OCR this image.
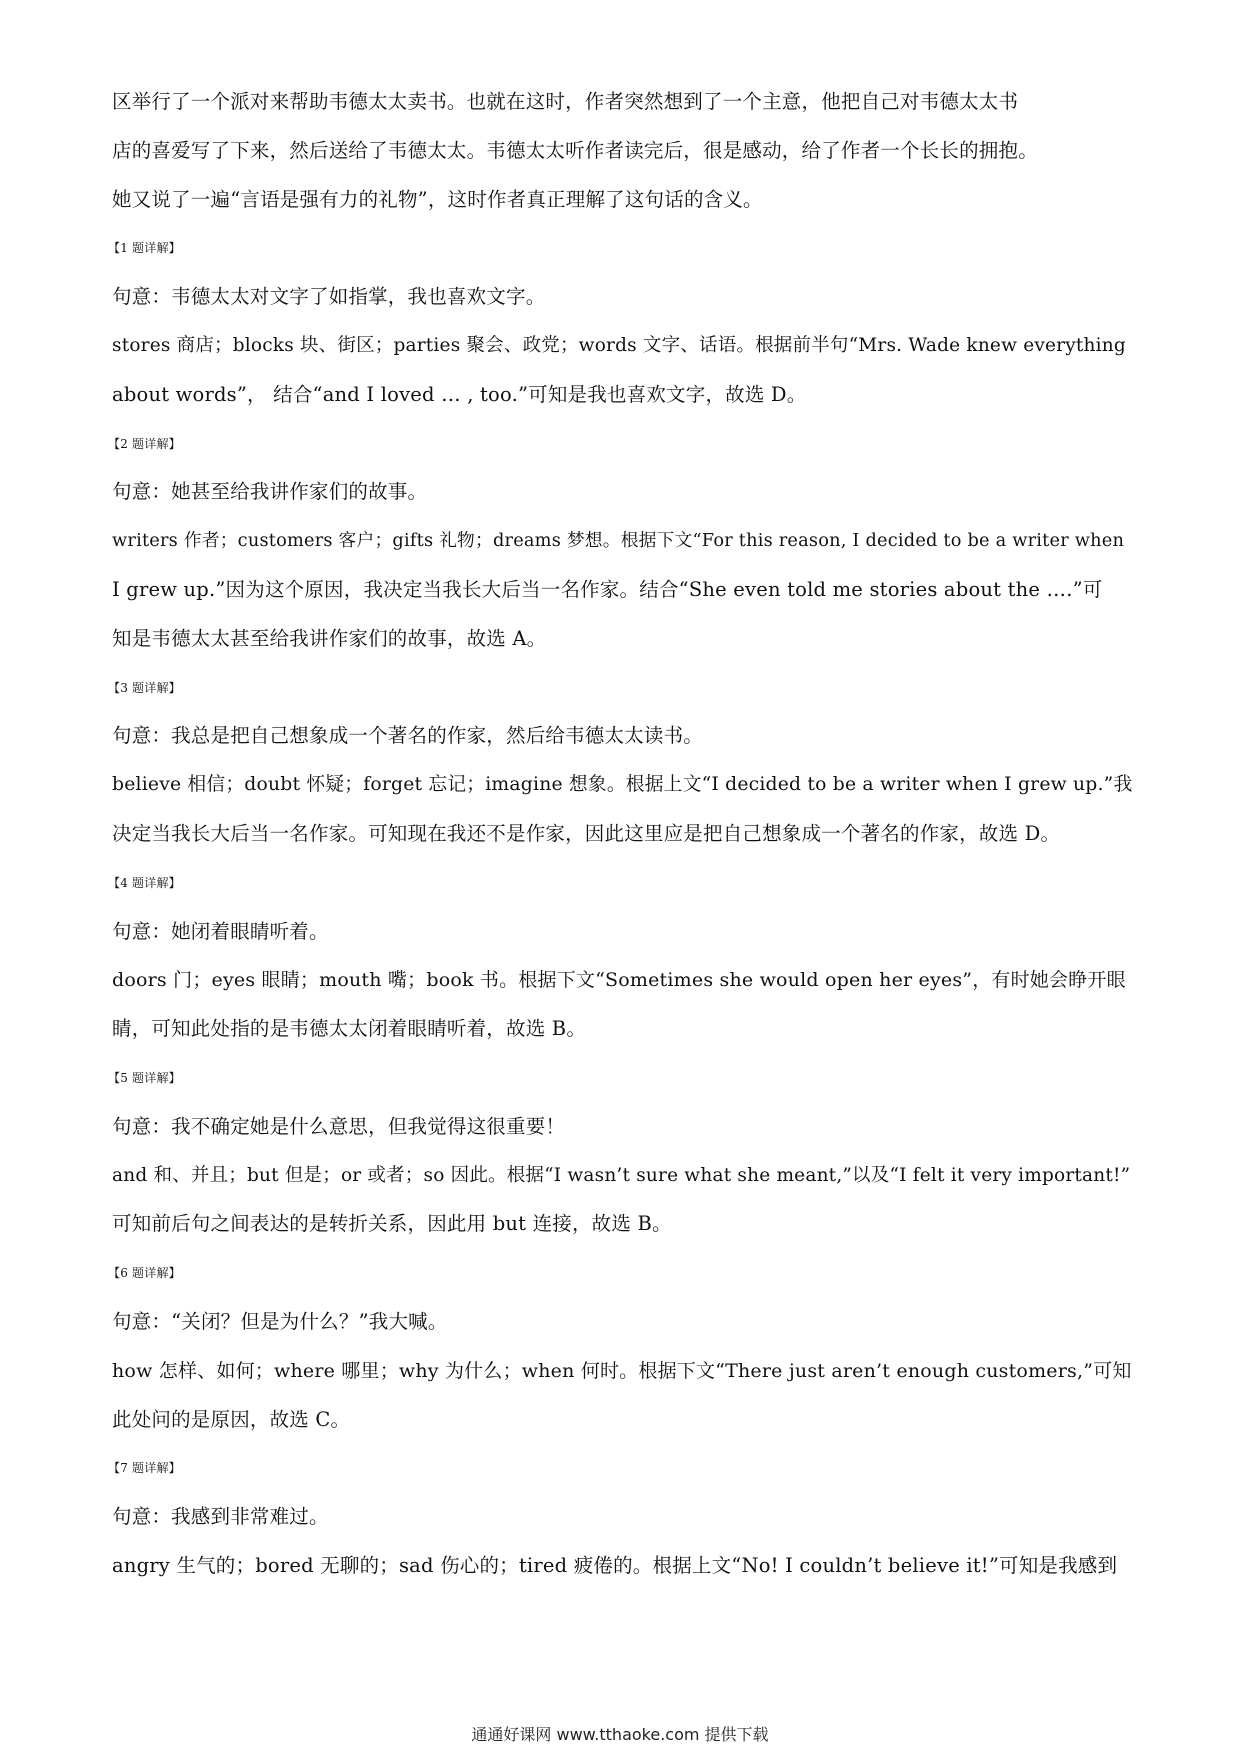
区举行了一个派对来帮助韦德太太卖书。也就在这时，作者突然想到了一个主意，他把自己对韦德太太书
店的喜爱写了下来，然后送给了韦德太太。韦德太太听作者读完后，很是感动，给了作者一个长长的拥抱。
她又说了一遍“言语是强有力的礼物”，这时作者真正理解了这句话的含义。
【1 题详解】
句意：韦德太太对文字了如指掌，我也喜欢文字。
stores 商店；blocks 块、街区；parties 聚会、政党；words 文字、话语。根据前半句“Mrs. Wade knew everything
about words”， 结合“and I loved … , too.”可知是我也喜欢文字，故选 D。
【2 题详解】
句意：她甚至给我讲作家们的故事。
writers 作者；customers 客户；gifts 礼物；dreams 梦想。根据下文“For this reason, I decided to be a writer when
I grew up.”因为这个原因，我决定当我长大后当一名作家。结合“She even told me stories about the ….”可
知是韦德太太甚至给我讲作家们的故事，故选 A。
【3 题详解】
句意：我总是把自己想象成一个著名的作家，然后给韦德太太读书。
believe 相信；doubt 怀疑；forget 忘记；imagine 想象。根据上文“I decided to be a writer when I grew up.”我
决定当我长大后当一名作家。可知现在我还不是作家，因此这里应是把自己想象成一个著名的作家，故选 D。
【4 题详解】
句意：她闭着眼睛听着。
doors 门；eyes 眼睛；mouth 嘴；book 书。根据下文“Sometimes she would open her eyes”，有时她会睁开眼
睛，可知此处指的是韦德太太闭着眼睛听着，故选 B。
【5 题详解】
句意：我不确定她是什么意思，但我觉得这很重要！
and 和、并且；but 但是；or 或者；so 因此。根据“I wasn’t sure what she meant,”以及“I felt it very important!”
可知前后句之间表达的是转折关系，因此用 but 连接，故选 B。
【6 题详解】
句意：“关闭？但是为什么？”我大喊。
how 怎样、如何；where 哪里；why 为什么；when 何时。根据下文“There just aren’t enough customers,”可知
此处问的是原因，故选 C。
【7 题详解】
句意：我感到非常难过。
angry 生气的；bored 无聊的；sad 伤心的；tired 疲倦的。根据上文“No! I couldn’t believe it!”可知是我感到
通通好课网 www.tthaoke.com 提供下载
